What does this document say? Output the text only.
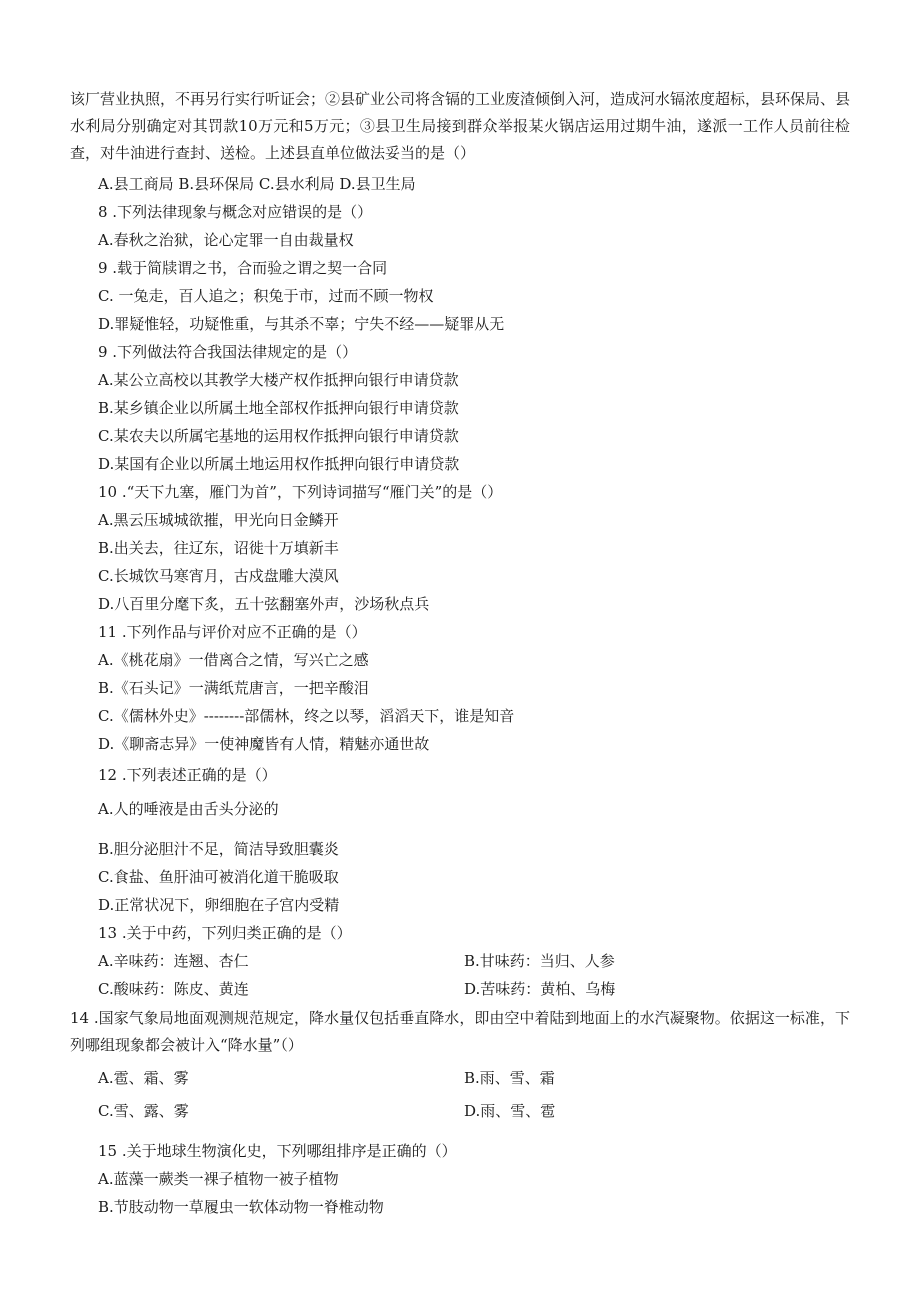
该厂营业执照，不再另行实行听证会；②县矿业公司将含镉的工业废渣倾倒入河，造成河水镉浓度超标，县环保局、县水利局分别确定对其罚款10万元和5万元；③县卫生局接到群众举报某火锅店运用过期牛油，遂派一工作人员前往检查，对牛油进行查封、送检。上述县直单位做法妥当的是（）
A.县工商局 B.县环保局 C.县水利局 D.县卫生局
8 .下列法律现象与概念对应错误的是（）
A.春秋之治狱，论心定罪一自由裁量权
9 .载于简牍谓之书，合而验之谓之契一合同
C. 一兔走，百人追之；积兔于市，过而不顾一物权
D.罪疑惟轻，功疑惟重，与其杀不辜；宁失不经——疑罪从无
9 .下列做法符合我国法律规定的是（）
A.某公立高校以其教学大楼产权作抵押向银行申请贷款
B.某乡镇企业以所属土地全部权作抵押向银行申请贷款
C.某农夫以所属宅基地的运用权作抵押向银行申请贷款
D.某国有企业以所属土地运用权作抵押向银行申请贷款
10 .“天下九塞，雁门为首”，下列诗词描写“雁门关”的是（）
A.黑云压城城欲摧，甲光向日金鳞开
B.出关去，往辽东，诏徙十万填新丰
C.长城饮马寒宵月，古戍盘雕大漠风
D.八百里分麾下炙，五十弦翻塞外声，沙场秋点兵
11 .下列作品与评价对应不正确的是（）
A.《桃花扇》一借离合之情，写兴亡之感
B.《石头记》一满纸荒唐言，一把辛酸泪
C.《儒林外史》--------部儒林，终之以琴，滔滔天下，谁是知音
D.《聊斋志异》一使神魔皆有人情，精魅亦通世故
12 .下列表述正确的是（）
A.人的唾液是由舌头分泌的
B.胆分泌胆汁不足，简洁导致胆囊炎
C.食盐、鱼肝油可被消化道干脆吸取
D.正常状况下，卵细胞在子宫内受精
13 .关于中药，下列归类正确的是（）
A.辛味药：连翘、杏仁	B.甘味药：当归、人参
C.酸味药：陈皮、黄连	D.苦味药：黄柏、乌梅
14 .国家气象局地面观测规范规定，降水量仅包括垂直降水，即由空中着陆到地面上的水汽凝聚物。依据这一标准，下列哪组现象都会被计入“降水量”（）
A.雹、霜、雾	B.雨、雪、霜
C.雪、露、雾	D.雨、雪、雹
15 .关于地球生物演化史，下列哪组排序是正确的（）
A.蓝藻一蕨类一裸子植物一被子植物
B.节肢动物一草履虫一软体动物一脊椎动物
